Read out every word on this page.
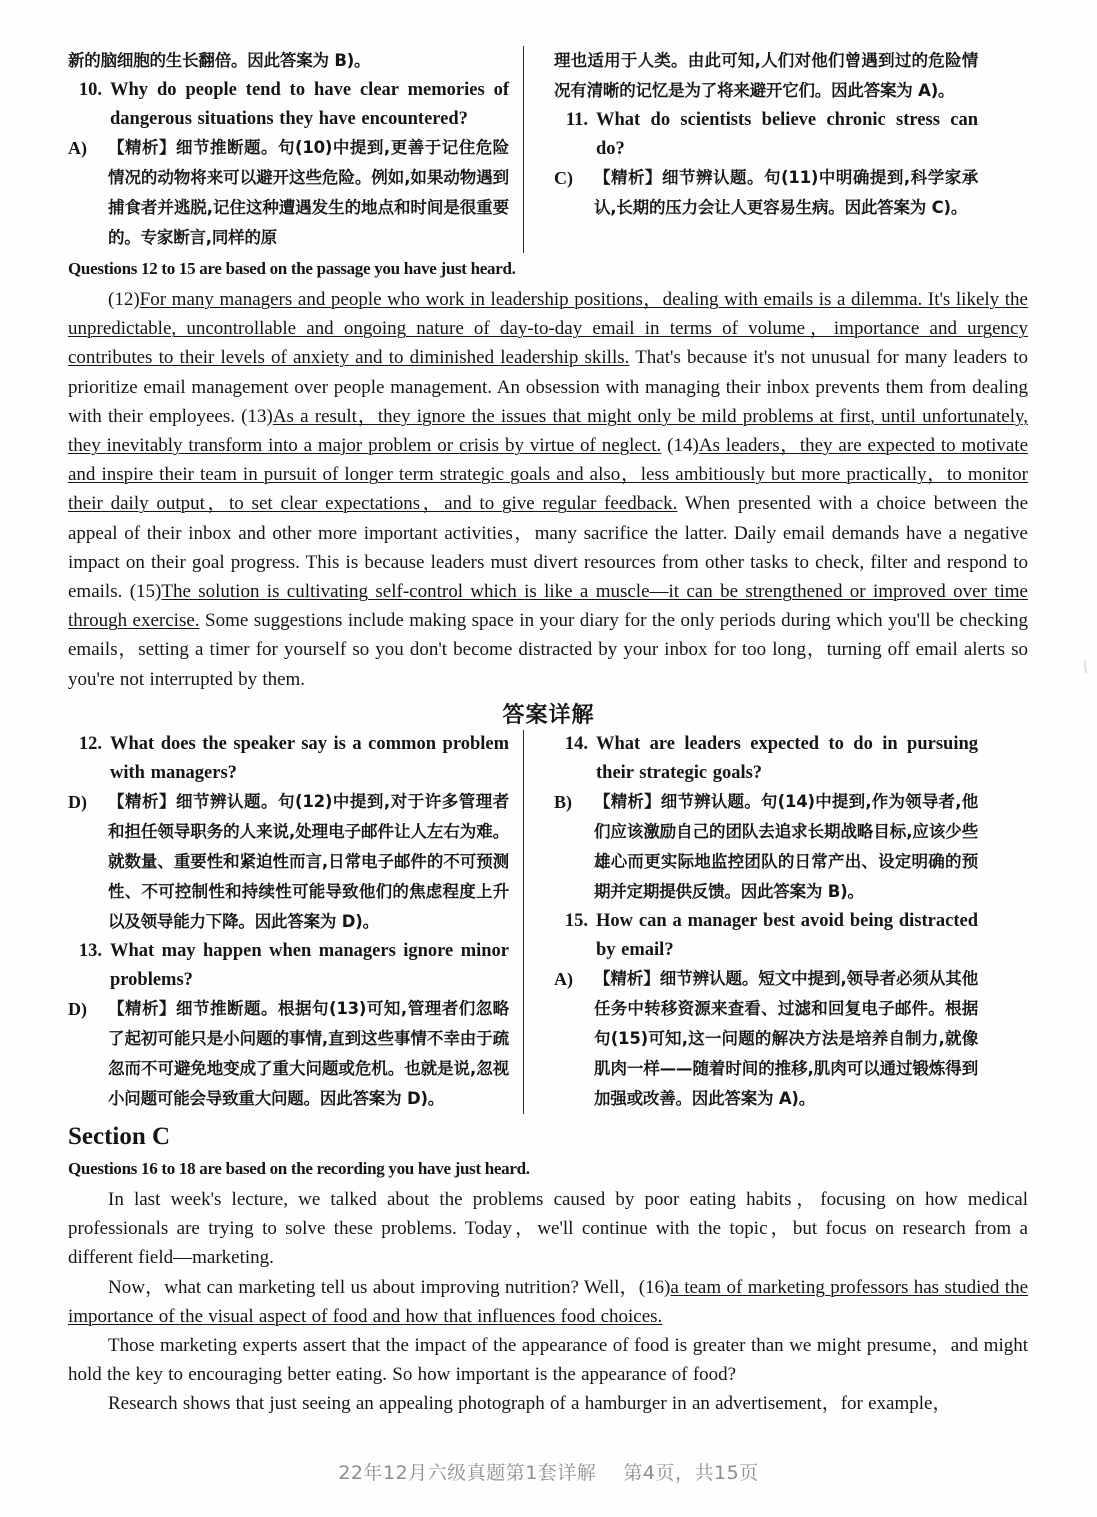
新的脑细胞的生长翻倍。因此答案为 B)。
10. Why do people tend to have clear memories of dangerous situations they have encountered?
A)	【精析】细节推断题。句(10)中提到,更善于记住危险情况的动物将来可以避开这些危险。例如,如果动物遇到捕食者并逃脱,记住这种遭遇发生的地点和时间是很重要的。专家断言,同样的原
理也适用于人类。由此可知,人们对他们曾遇到过的危险情况有清晰的记忆是为了将来避开它们。因此答案为 A)。
11. What do scientists believe chronic stress can do?
C)	【精析】细节辨认题。句(11)中明确提到,科学家承认,长期的压力会让人更容易生病。因此答案为 C)。
Questions 12 to 15 are based on the passage you have just heard.
(12)For many managers and people who work in leadership positions，dealing with emails is a dilemma. It's likely the unpredictable, uncontrollable and ongoing nature of day-to-day email in terms of volume，importance and urgency contributes to their levels of anxiety and to diminished leadership skills. That's because it's not unusual for many leaders to prioritize email management over people management. An obsession with managing their inbox prevents them from dealing with their employees. (13)As a result，they ignore the issues that might only be mild problems at first, until unfortunately, they inevitably transform into a major problem or crisis by virtue of neglect. (14)As leaders，they are expected to motivate and inspire their team in pursuit of longer term strategic goals and also，less ambitiously but more practically，to monitor their daily output，to set clear expectations，and to give regular feedback. When presented with a choice between the appeal of their inbox and other more important activities，many sacrifice the latter. Daily email demands have a negative impact on their goal progress. This is because leaders must divert resources from other tasks to check, filter and respond to emails. (15)The solution is cultivating self-control which is like a muscle—it can be strengthened or improved over time through exercise. Some suggestions include making space in your diary for the only periods during which you'll be checking emails，setting a timer for yourself so you don't become distracted by your inbox for too long，turning off email alerts so you're not interrupted by them.
答案详解
12. What does the speaker say is a common problem with managers?
D)	【精析】细节辨认题。句(12)中提到,对于许多管理者和担任领导职务的人来说,处理电子邮件让人左右为难。就数量、重要性和紧迫性而言,日常电子邮件的不可预测性、不可控制性和持续性可能导致他们的焦虑程度上升以及领导能力下降。因此答案为 D)。
13. What may happen when managers ignore minor problems?
D)	【精析】细节推断题。根据句(13)可知,管理者们忽略了起初可能只是小问题的事情,直到这些事情不幸由于疏忽而不可避免地变成了重大问题或危机。也就是说,忽视小问题可能会导致重大问题。因此答案为 D)。
14. What are leaders expected to do in pursuing their strategic goals?
B)	【精析】细节辨认题。句(14)中提到,作为领导者,他们应该激励自己的团队去追求长期战略目标,应该少些雄心而更实际地监控团队的日常产出、设定明确的预期并定期提供反馈。因此答案为 B)。
15. How can a manager best avoid being distracted by email?
A)	【精析】细节辨认题。短文中提到,领导者必须从其他任务中转移资源来查看、过滤和回复电子邮件。根据句(15)可知,这一问题的解决方法是培养自制力,就像肌肉一样——随着时间的推移,肌肉可以通过锻炼得到加强或改善。因此答案为 A)。
Section C
Questions 16 to 18 are based on the recording you have just heard.
In last week's lecture, we talked about the problems caused by poor eating habits，focusing on how medical professionals are trying to solve these problems. Today，we'll continue with the topic，but focus on research from a different field—marketing.
Now，what can marketing tell us about improving nutrition? Well，(16)a team of marketing professors has studied the importance of the visual aspect of food and how that influences food choices.
Those marketing experts assert that the impact of the appearance of food is greater than we might presume，and might hold the key to encouraging better eating. So how important is the appearance of food?
Research shows that just seeing an appealing photograph of a hamburger in an advertisement，for example，
22年12月六级真题第1套详解 第4页，共15页
